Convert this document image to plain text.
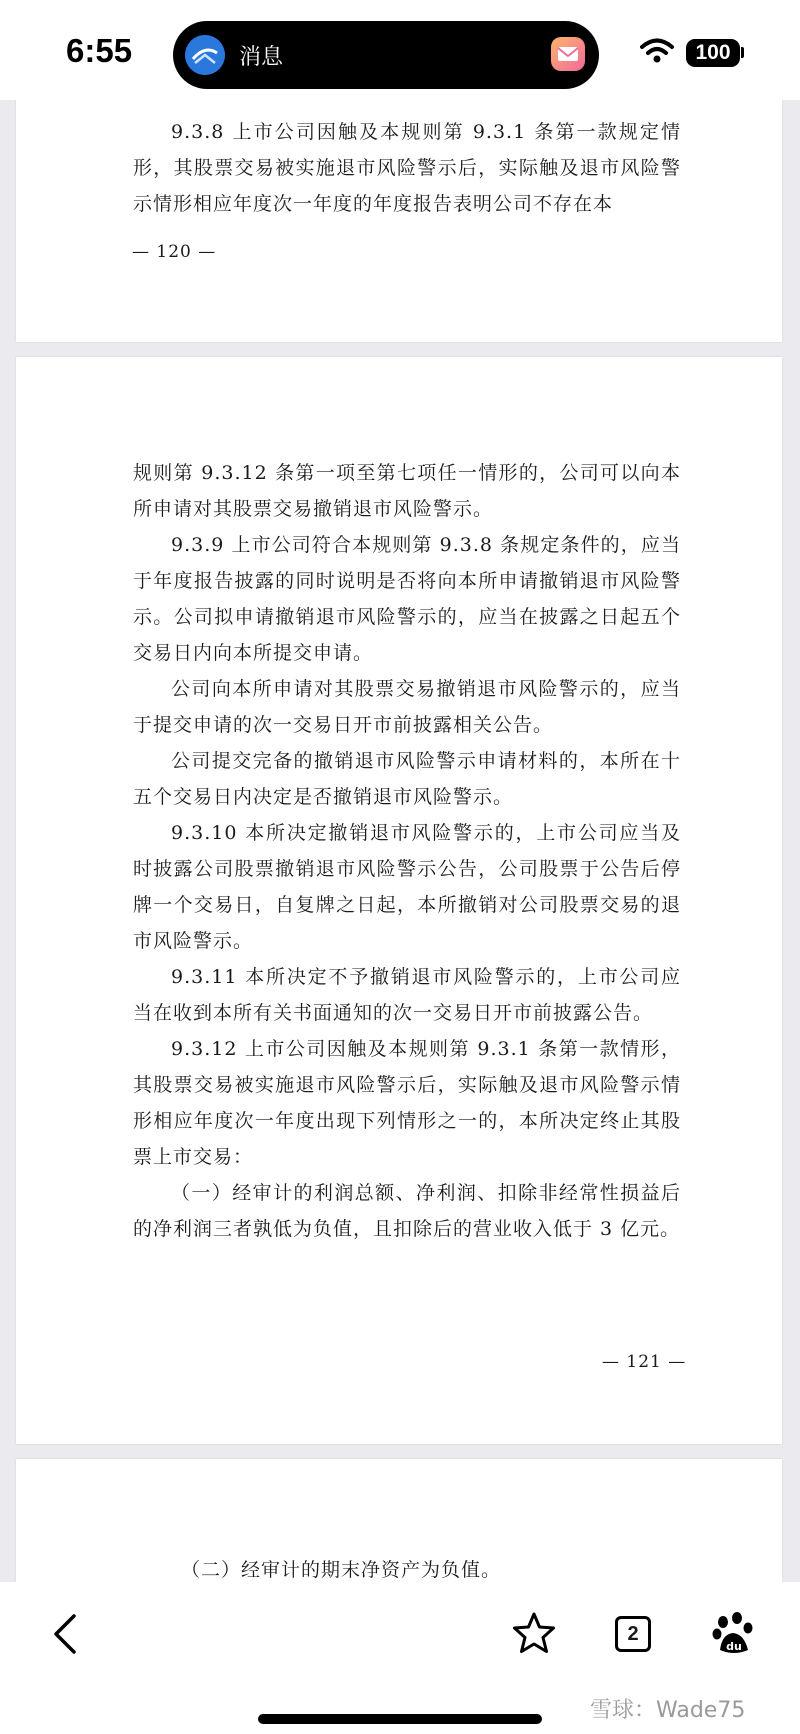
6:55	消息	100

9.3.8 上市公司因触及本规则第 9.3.1 条第一款规定情形，其股票交易被实施退市风险警示后，实际触及退市风险警示情形相应年度次一年度的年度报告表明公司不存在本

— 120 —

规则第 9.3.12 条第一项至第七项任一情形的，公司可以向本所申请对其股票交易撤销退市风险警示。

9.3.9 上市公司符合本规则第 9.3.8 条规定条件的，应当于年度报告披露的同时说明是否将向本所申请撤销退市风险警示。公司拟申请撤销退市风险警示的，应当在披露之日起五个交易日内向本所提交申请。

公司向本所申请对其股票交易撤销退市风险警示的，应当于提交申请的次一交易日开市前披露相关公告。

公司提交完备的撤销退市风险警示申请材料的，本所在十五个交易日内决定是否撤销退市风险警示。

9.3.10 本所决定撤销退市风险警示的，上市公司应当及时披露公司股票撤销退市风险警示公告，公司股票于公告后停牌一个交易日，自复牌之日起，本所撤销对公司股票交易的退市风险警示。

9.3.11 本所决定不予撤销退市风险警示的，上市公司应当在收到本所有关书面通知的次一交易日开市前披露公告。

9.3.12 上市公司因触及本规则第 9.3.1 条第一款情形，其股票交易被实施退市风险警示后，实际触及退市风险警示情形相应年度次一年度出现下列情形之一的，本所决定终止其股票上市交易：

（一）经审计的利润总额、净利润、扣除非经常性损益后的净利润三者孰低为负值，且扣除后的营业收入低于 3 亿元。

— 121 —
（二）经审计的期末净资产为负值。
2
du
雪球：Wade75
